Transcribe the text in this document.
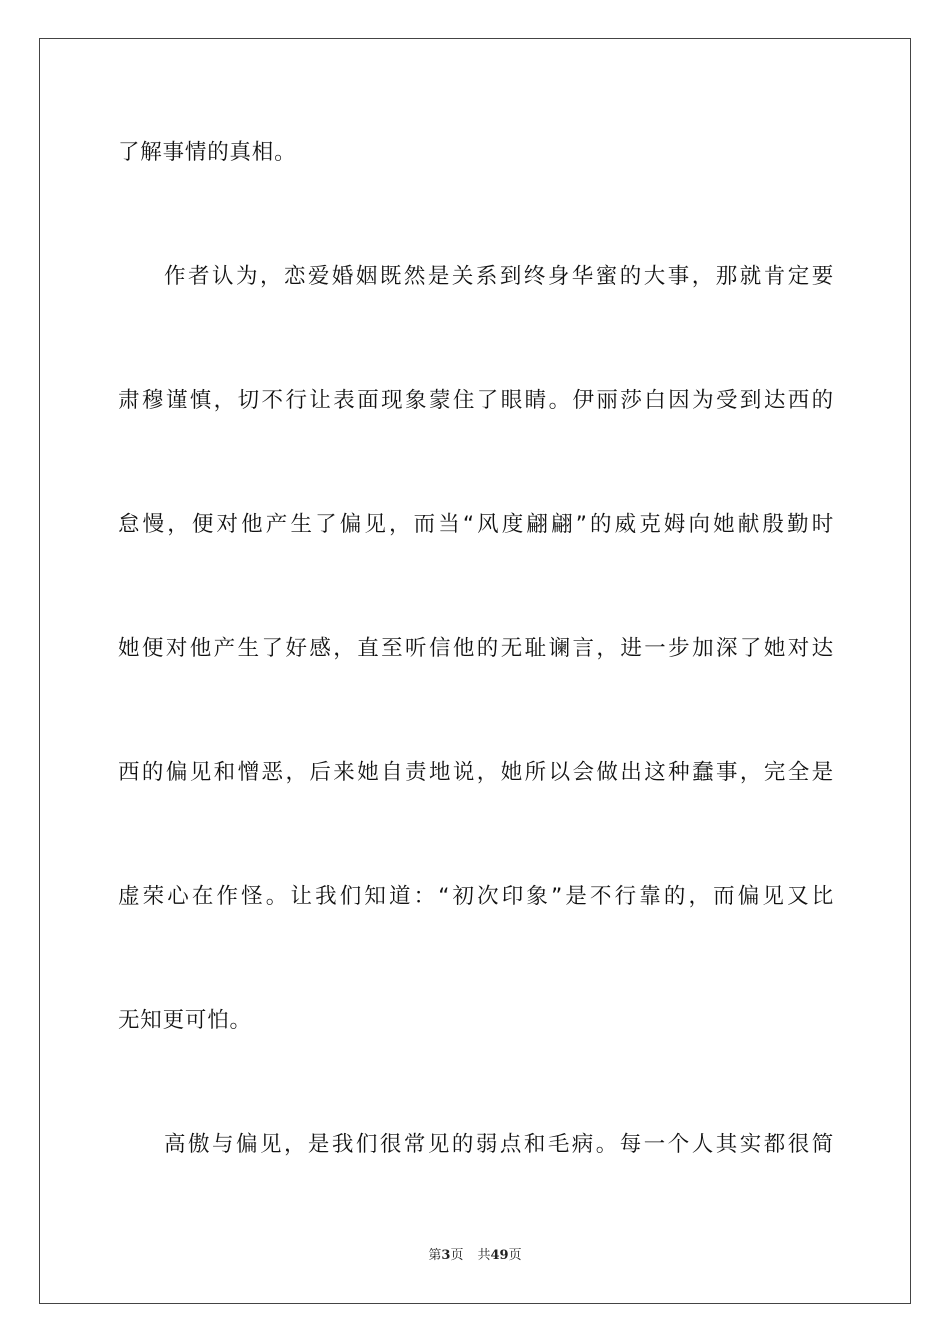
了解事情的真相。
作者认为，恋爱婚姻既然是关系到终身华蜜的大事，那就肯定要
肃穆谨慎，切不行让表面现象蒙住了眼睛。伊丽莎白因为受到达西的
怠慢，便对他产生了偏见，而当“风度翩翩”的威克姆向她献殷勤时
她便对他产生了好感，直至听信他的无耻谰言，进一步加深了她对达
西的偏见和憎恶，后来她自责地说，她所以会做出这种蠢事，完全是
虚荣心在作怪。让我们知道：“初次印象”是不行靠的，而偏见又比
无知更可怕。
高傲与偏见，是我们很常见的弱点和毛病。每一个人其实都很简
第3页 共49页
